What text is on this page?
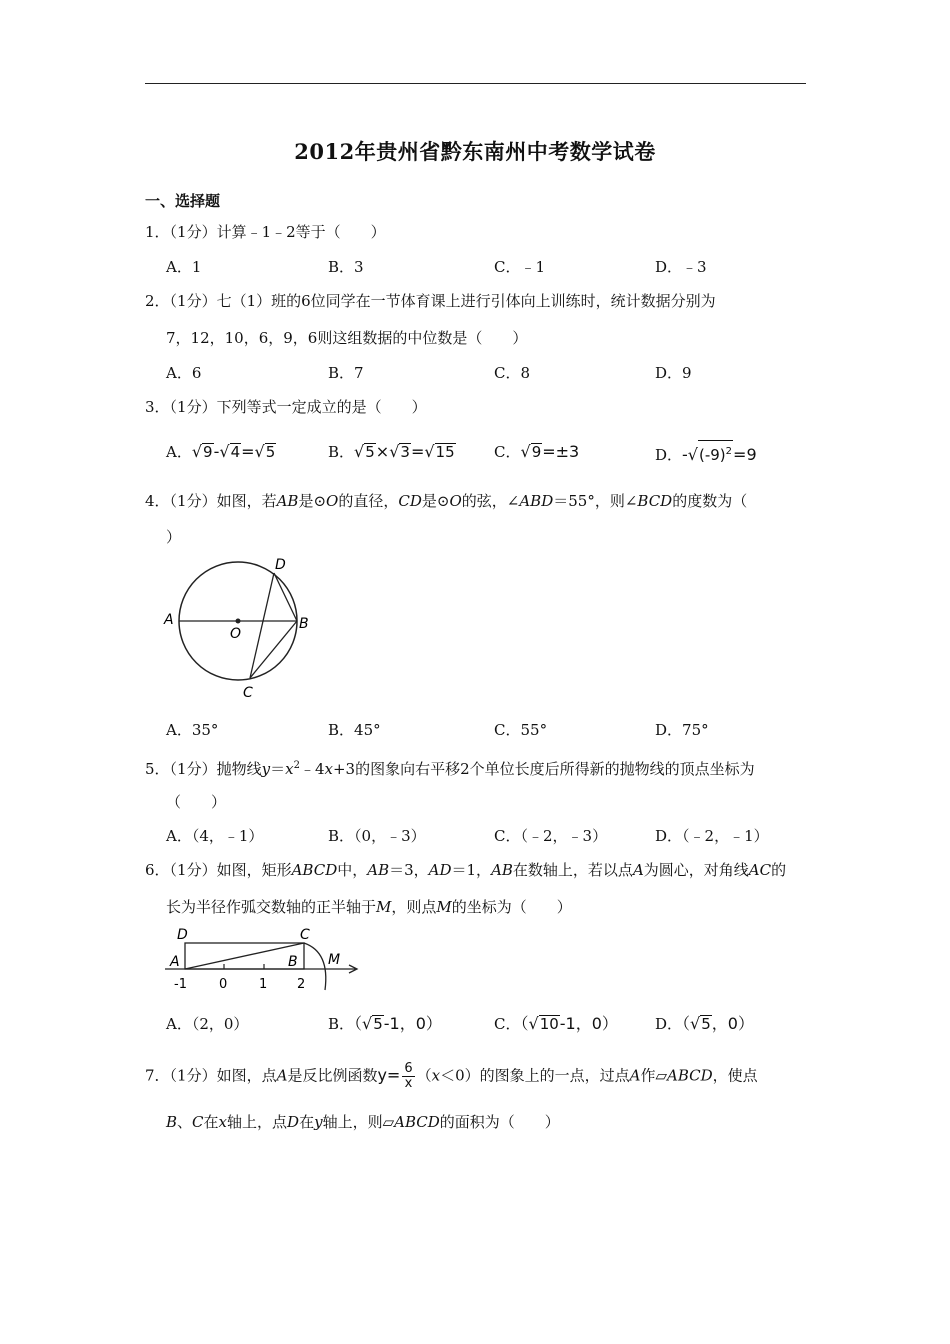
2012年贵州省黔东南州中考数学试卷
一、选择题
1．（1分）计算﹣1﹣2等于（　　）
A．1	B．3	C．﹣1	D．﹣3
2．（1分）七（1）班的6位同学在一节体育课上进行引体向上训练时，统计数据分别为
7，12，10，6，9，6则这组数据的中位数是（　　）
A．6	B．7	C．8	D．9
3．（1分）下列等式一定成立的是（　　）
A．√9-√4=√5	B．√5×√3=√15	C．√9=±3	D．$-√(-9)^2=9$
4．（1分）如图，若AB是⊙O的直径，CD是⊙O的弦，∠ABD＝55°，则∠BCD的度数为（
）
A	B
C
D
O
A．35°	B．45°	C．55°	D．75°
5．（1分）抛物线$y=x^2﹣4x+3$的图象向右平移2个单位长度后所得新的抛物线的顶点坐标为
（　　）
A．（4，﹣1）	B．（0，﹣3）	C．（﹣2，﹣3）	D．（﹣2，﹣1）
6．（1分）如图，矩形ABCD中，AB＝3，AD＝1，AB在数轴上，若以点A为圆心，对角线AC的
长为半径作弧交数轴的正半轴于M，则点M的坐标为（　　）
D	C
A	B M
-1 0 1 2
A．（2，0）	B．（√5-1，0）	C．（√10-1，0） D．（√5，0）
7．（1分）如图，点A是反比例函数$y= \frac{6}{x} (x<0)$的图象上的一点，过点A作▱ABCD，使点
B、C在x轴上，点D在y轴上，则▱ABCD的面积为（　　）
